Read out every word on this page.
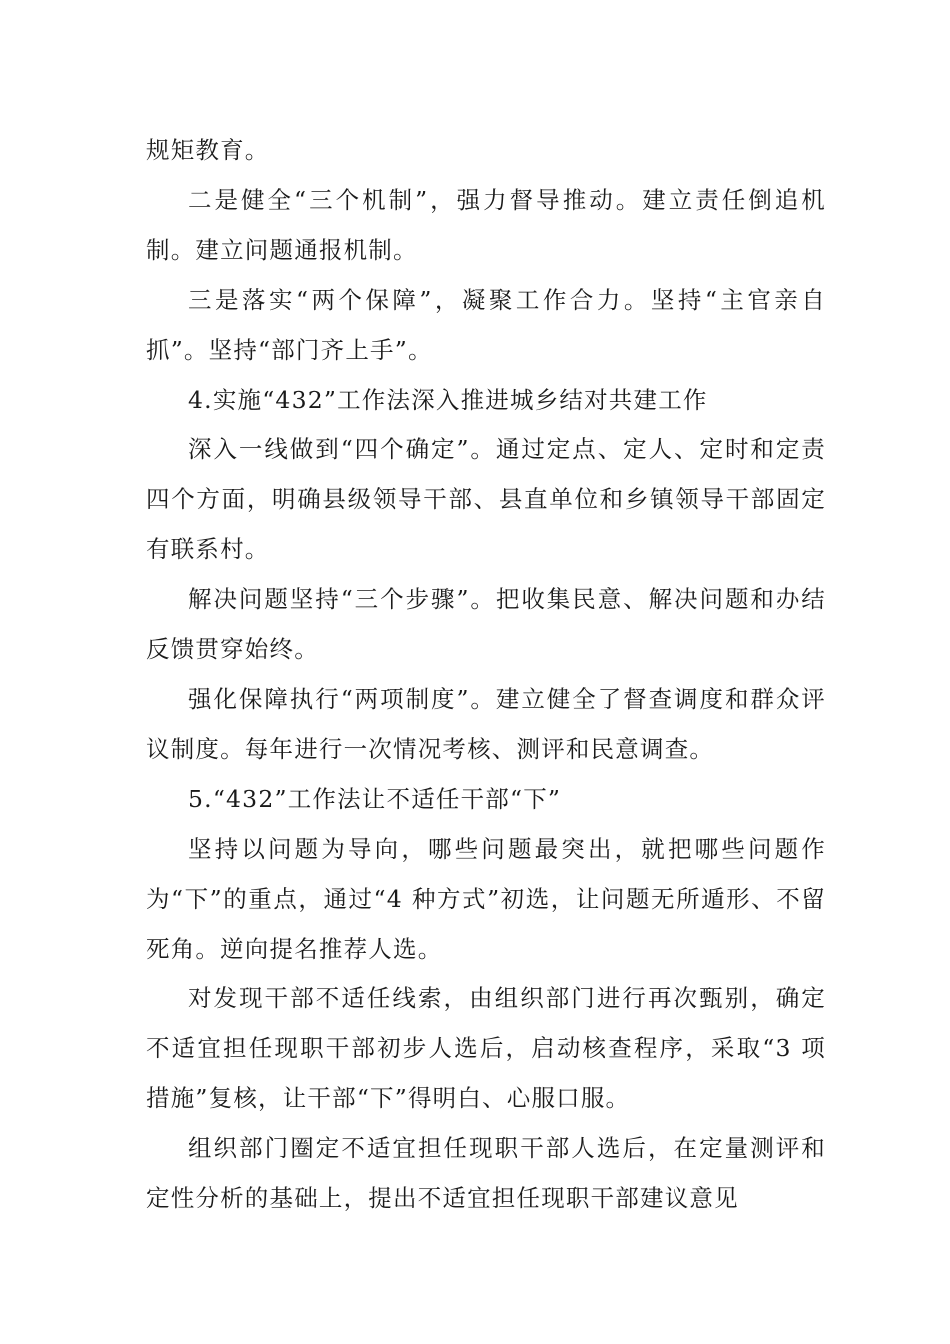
规矩教育。

二是健全“三个机制”，强力督导推动。建立责任倒追机制。建立问题通报机制。

三是落实“两个保障”，凝聚工作合力。坚持“主官亲自抓”。坚持“部门齐上手”。

4.实施“432”工作法深入推进城乡结对共建工作

深入一线做到“四个确定”。通过定点、定人、定时和定责四个方面，明确县级领导干部、县直单位和乡镇领导干部固定有联系村。

解决问题坚持“三个步骤”。把收集民意、解决问题和办结反馈贯穿始终。

强化保障执行“两项制度”。建立健全了督查调度和群众评议制度。每年进行一次情况考核、测评和民意调查。

5.“432”工作法让不适任干部“下”

坚持以问题为导向，哪些问题最突出，就把哪些问题作为“下”的重点，通过“4 种方式”初选，让问题无所遁形、不留死角。逆向提名推荐人选。

对发现干部不适任线索，由组织部门进行再次甄别，确定不适宜担任现职干部初步人选后，启动核查程序，采取“3 项措施”复核，让干部“下”得明白、心服口服。

组织部门圈定不适宜担任现职干部人选后，在定量测评和定性分析的基础上，提出不适宜担任现职干部建议意见
